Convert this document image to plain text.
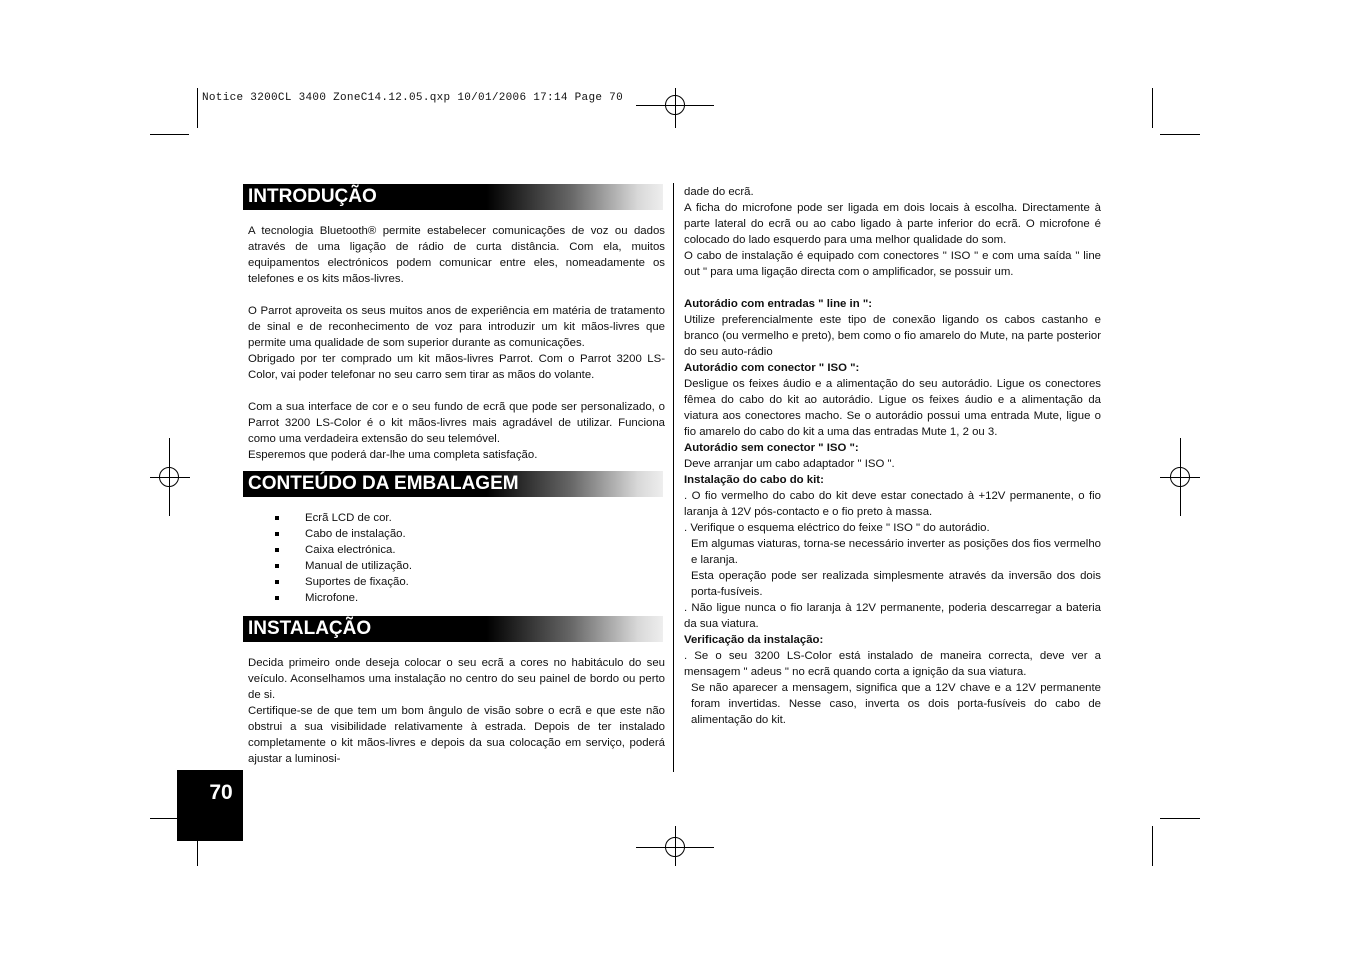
Notice 3200CL 3400 ZoneC14.12.05.qxp 10/01/2006 17:14 Page 70
INTRODUÇÃO

A tecnologia Bluetooth® permite estabelecer comunicações de voz ou dados através de uma ligação de rádio de curta distância. Com ela, muitos equipamentos electrónicos podem comunicar entre eles, nomeadamente os telefones e os kits mãos-livres.

O Parrot aproveita os seus muitos anos de experiência em matéria de tratamento de sinal e de reconhecimento de voz para introduzir um kit mãos-livres que permite uma qualidade de som superior durante as comunicações.

Obrigado por ter comprado um kit mãos-livres Parrot. Com o Parrot 3200 LS-Color, vai poder telefonar no seu carro sem tirar as mãos do volante.

Com a sua interface de cor e o seu fundo de ecrã que pode ser personalizado, o Parrot 3200 LS-Color é o kit mãos-livres mais agradável de utilizar. Funciona como uma verdadeira extensão do seu telemóvel.

Esperemos que poderá dar-lhe uma completa satisfação.

CONTEÚDO DA EMBALAGEM
Ecrã LCD de cor.
Cabo de instalação.
Caixa electrónica.
Manual de utilização.
Suportes de fixação.
Microfone.
INSTALAÇÃO

Decida primeiro onde deseja colocar o seu ecrã a cores no habitáculo do seu veículo. Aconselhamos uma instalação no centro do seu painel de bordo ou perto de si.

Certifique-se de que tem um bom ângulo de visão sobre o ecrã e que este não obstrui a sua visibilidade relativamente à estrada. Depois de ter instalado completamente o kit mãos-livres e depois da sua colocação em serviço, poderá ajustar a luminosi-

dade do ecrã.

A ficha do microfone pode ser ligada em dois locais à escolha. Directamente à parte lateral do ecrã ou ao cabo ligado à parte inferior do ecrã. O microfone é colocado do lado esquerdo para uma melhor qualidade do som.

O cabo de instalação é equipado com conectores " ISO " e com uma saída " line out " para uma ligação directa com o amplificador, se possuir um.

Autorádio com entradas " line in ":

Utilize preferencialmente este tipo de conexão ligando os cabos castanho e branco (ou vermelho e preto), bem como o fio amarelo do Mute, na parte posterior do seu auto-rádio

Autorádio com conector " ISO ":

Desligue os feixes áudio e a alimentação do seu autorádio. Ligue os conectores fêmea do cabo do kit ao autorádio. Ligue os feixes áudio e a alimentação da viatura aos conectores macho. Se o autorádio possui uma entrada Mute, ligue o fio amarelo do cabo do kit a uma das entradas Mute 1, 2 ou 3.

Autorádio sem conector " ISO ":

Deve arranjar um cabo adaptador " ISO ".

Instalação do cabo do kit:

. O fio vermelho do cabo do kit deve estar conectado à +12V permanente, o fio laranja à 12V pós-contacto e o fio preto à massa.

. Verifique o esquema eléctrico do feixe " ISO " do autorádio.

Em algumas viaturas, torna-se necessário inverter as posições dos fios vermelho e laranja.

Esta operação pode ser realizada simplesmente através da inversão dos dois porta-fusíveis.

. Não ligue nunca o fio laranja à 12V permanente, poderia descarregar a bateria da sua viatura.

Verificação da instalação:

. Se o seu 3200 LS-Color está instalado de maneira correcta, deve ver a mensagem " adeus " no ecrã quando corta a ignição da sua viatura.

Se não aparecer a mensagem, significa que a 12V chave e a 12V permanente foram invertidas. Nesse caso, inverta os dois porta-fusíveis do cabo de alimentação do kit.

70
